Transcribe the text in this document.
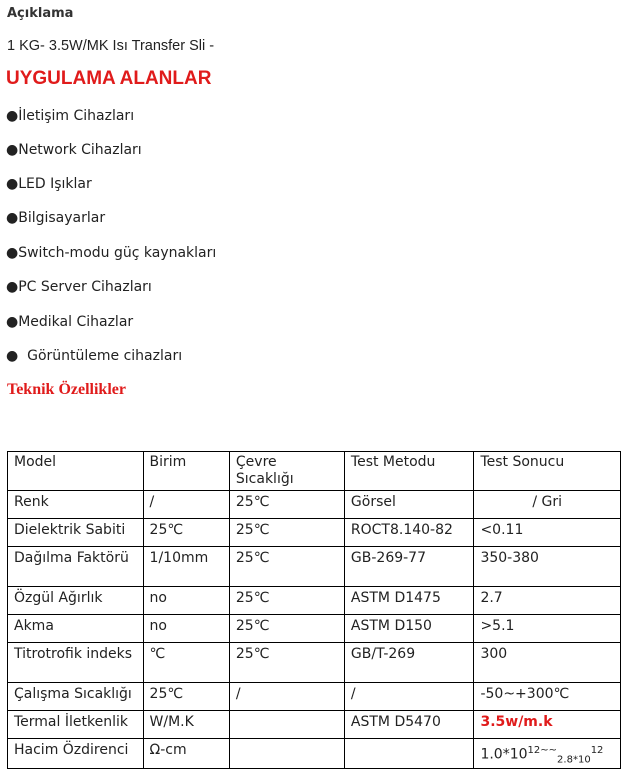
Açıklama
1 KG- 3.5W/MK Isı Transfer Sli -
UYGULAMA ALANLAR
●İletişim Cihazları
●Network Cihazları
●LED Işıklar
●Bilgisayarlar
●Switch-modu güç kaynakları
●PC Server Cihazları
●Medikal Cihazlar
●  Görüntüleme cihazları
Teknik Özellikler
Model	Birim	Çevre Sıcaklığı	Test Metodu	Test Sonucu
Renk	/	25℃	Görsel	/ Gri
Dielektrik Sabiti	25℃	25℃	ROCT8.140-82	<0.11
Dağılma Faktörü	1/10mm	25℃	GB-269-77	350-380
Özgül Ağırlık	no	25℃	ASTM D1475	2.7
Akma	no	25℃	ASTM D150	>5.1
Titrotrofik indeks	℃	25℃	GB/T-269	300
Çalışma Sıcaklığı	25℃	/	/	-50~+300℃
Termal İletkenlik	W/M.K		ASTM D5470	3.5w/m.k
Hacim Özdirenci	Ω-cm			$1.0*10^{12\sim\sim}_{2.8*10}^{12}$
